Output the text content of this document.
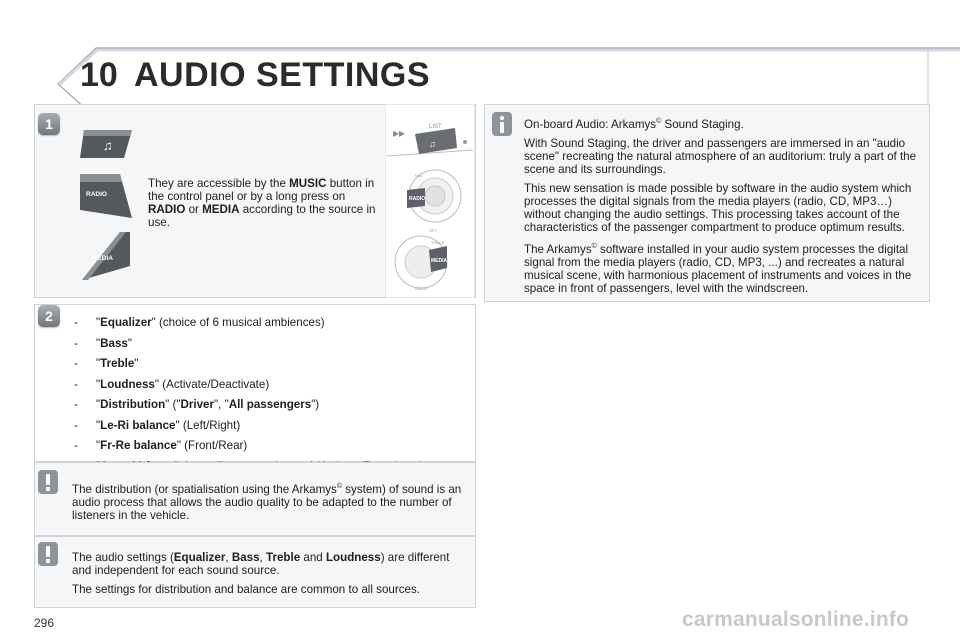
10 AUDIO SETTINGS
1
♫
RADIO
MEDIA
They are accessible by the MUSIC button in the control panel or by a long press on RADIO or MEDIA according to the source in use.
▸▸	LIST
♫
RADIO
SET
NAV
MEDIA
TRACK
AUDIO
2	- "Equalizer" (choice of 6 musical ambiences)
- "Bass"
- "Treble"
- "Loudness" (Activate/Deactivate)
- "Distribution" ("Driver", "All passengers")
- "Le-Ri balance" (Left/Right)
- "Fr-Re balance" (Front/Rear)
The distribution (or spatialisation using the Arkamys© system) of sound is an audio process that allows the audio quality to be adapted to the number of listeners in the vehicle.

The audio settings (Equalizer, Bass, Treble and Loudness) are different and independent for each sound source.

The settings for distribution and balance are common to all sources.

On-board Audio: Arkamys© Sound Staging.

With Sound Staging, the driver and passengers are immersed in an "audio scene" recreating the natural atmosphere of an auditorium: truly a part of the scene and its surroundings.

This new sensation is made possible by software in the audio system which processes the digital signals from the media players (radio, CD, MP3…) without changing the audio settings. This processing takes account of the characteristics of the passenger compartment to produce optimum results.

The Arkamys© software installed in your audio system processes the digital signal from the media players (radio, CD, MP3, ...) and recreates a natural musical scene, with harmonious placement of instruments and voices in the space in front of passengers, level with the windscreen.

296	carmanualsonline.info
